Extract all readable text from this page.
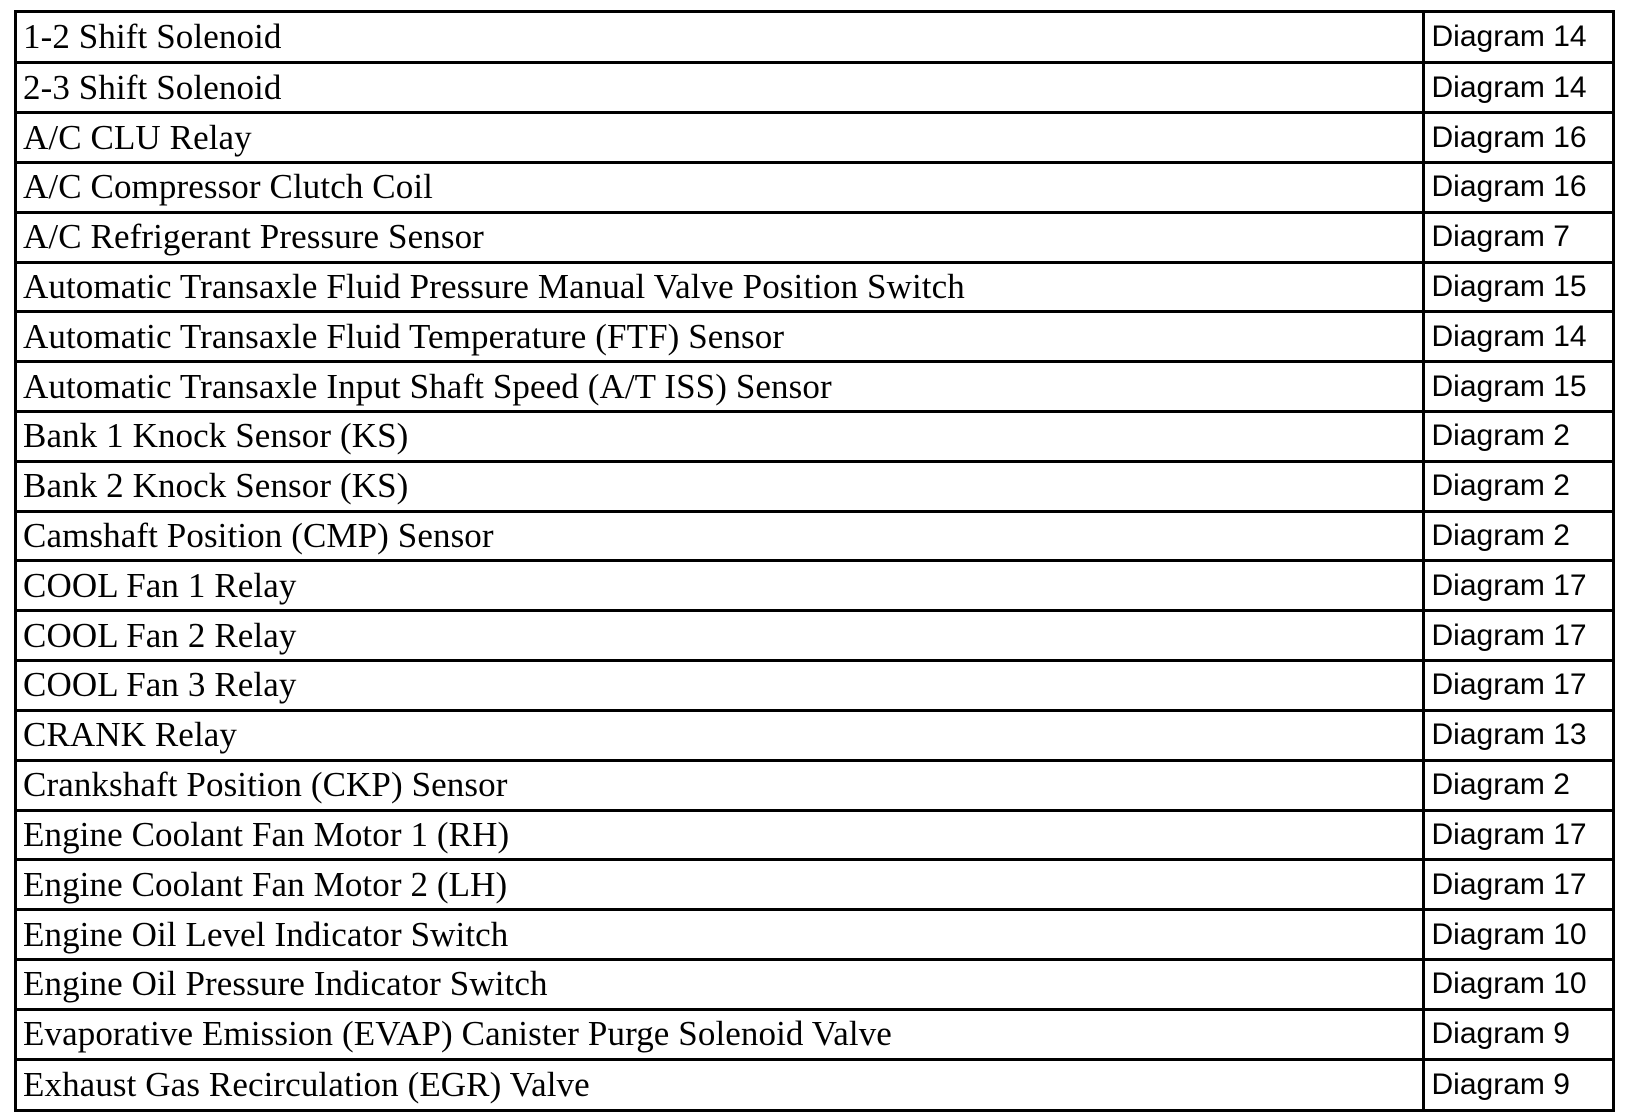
1-2 Shift Solenoid	Diagram 14
2-3 Shift Solenoid	Diagram 14
A/C CLU Relay	Diagram 16
A/C Compressor Clutch Coil	Diagram 16
A/C Refrigerant Pressure Sensor	Diagram 7
Automatic Transaxle Fluid Pressure Manual Valve Position Switch	Diagram 15
Automatic Transaxle Fluid Temperature (FTF) Sensor	Diagram 14
Automatic Transaxle Input Shaft Speed (A/T ISS) Sensor	Diagram 15
Bank 1 Knock Sensor (KS)	Diagram 2
Bank 2 Knock Sensor (KS)	Diagram 2
Camshaft Position (CMP) Sensor	Diagram 2
COOL Fan 1 Relay	Diagram 17
COOL Fan 2 Relay	Diagram 17
COOL Fan 3 Relay	Diagram 17
CRANK Relay	Diagram 13
Crankshaft Position (CKP) Sensor	Diagram 2
Engine Coolant Fan Motor 1 (RH)	Diagram 17
Engine Coolant Fan Motor 2 (LH)	Diagram 17
Engine Oil Level Indicator Switch	Diagram 10
Engine Oil Pressure Indicator Switch	Diagram 10
Evaporative Emission (EVAP) Canister Purge Solenoid Valve	Diagram 9
Exhaust Gas Recirculation (EGR) Valve	Diagram 9
